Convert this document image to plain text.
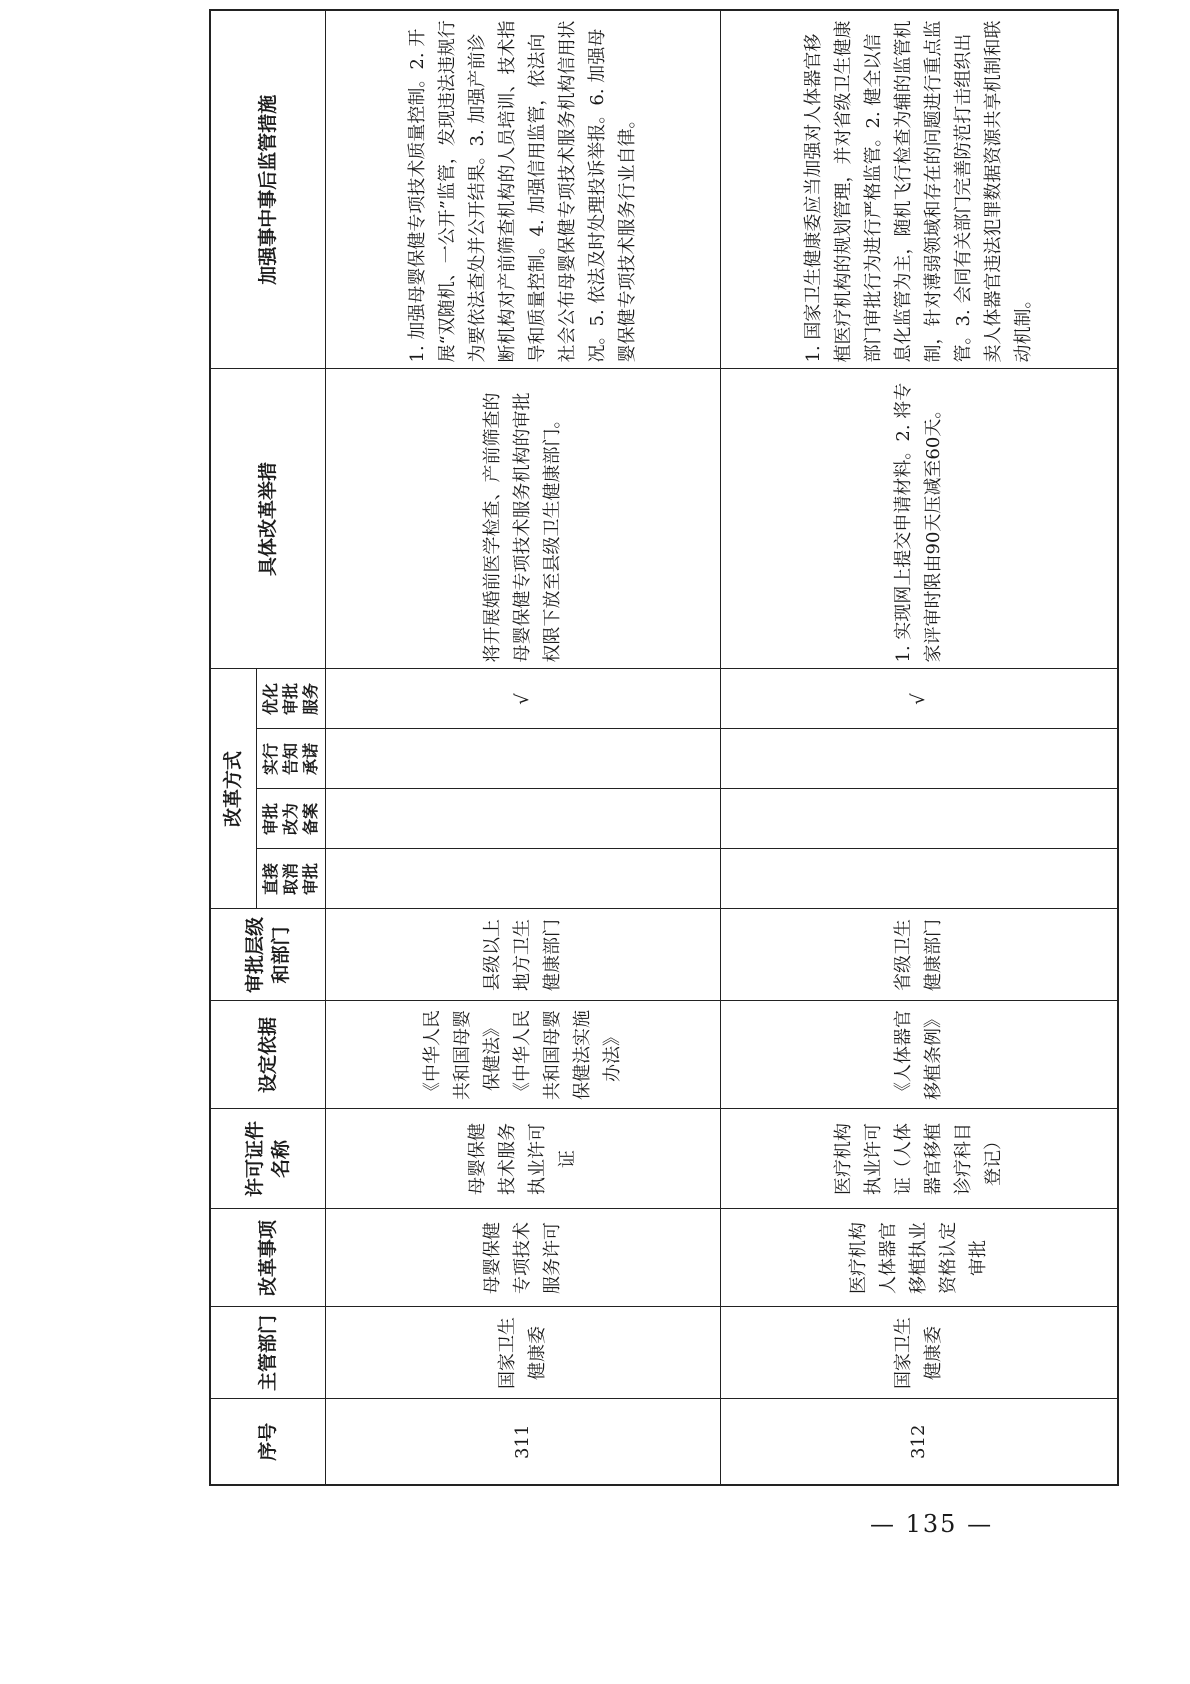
序号	主管部门	改革事项	许可证件名称	设定依据	审批层级和部门	改革方式				具体改革举措	加强事中事后监管措施
						直接取消审批	审批改为备案	实行告知承诺	优化审批服务		
311	国家卫生健康委	母婴保健专项技术服务许可	母婴保健技术服务执业许可证	《中华人民共和国母婴保健法》《中华人民共和国母婴保健法实施办法》	县级以上地方卫生健康部门				√	将开展婚前医学检查、产前筛查的母婴保健专项技术服务机构的审批权限下放至县级卫生健康部门。	1. 加强母婴保健专项技术质量控制。2. 开展“双随机、一公开”监管，发现违法违规行为要依法查处并公开结果。3. 加强产前诊断机构对产前筛查机构的人员培训、技术指导和质量控制。4. 加强信用监管，依法向社会公布母婴保健专项技术服务机构信用状况。5. 依法及时处理投诉举报。6. 加强母婴保健专项技术服务行业自律。
312	国家卫生健康委	医疗机构人体器官移植执业资格认定审批	医疗机构执业许可证（人体器官移植诊疗科目登记）	《人体器官移植条例》	省级卫生健康部门				√	1. 实现网上提交申请材料。2. 将专家评审时限由90天压减至60天。	1. 国家卫生健康委应当加强对人体器官移植医疗机构的规划管理，并对省级卫生健康部门审批行为进行严格监管。2. 健全以信息化监管为主，随机飞行检查为辅的监管机制，针对薄弱领域和存在的问题进行重点监管。3. 会同有关部门完善防范打击组织出卖人体器官违法犯罪数据资源共享机制和联动机制。
— 135 —
